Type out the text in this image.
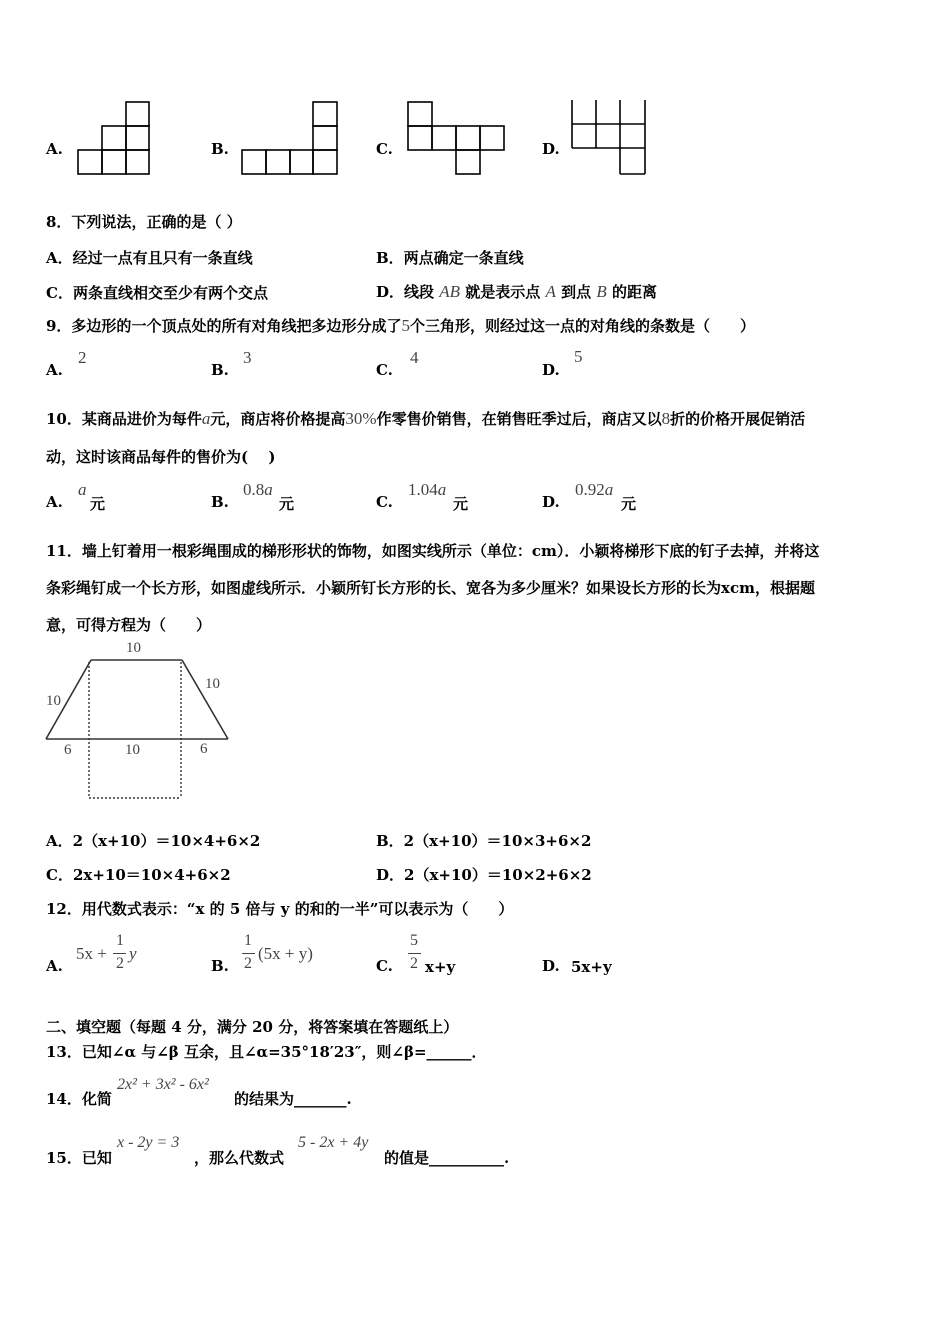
A.	B.	C.	D.
8．下列说法，正确的是（ ）
A．经过一点有且只有一条直线	B．两点确定一条直线
C．两条直线相交至少有两个交点	D．线段 AB 就是表示点 A 到点 B 的距离
9．多边形的一个顶点处的所有对角线把多边形分成了5个三角形，则经过这一点的对角线的条数是（　　）
A.
2
B.
3
C.
4
D.
5
10．某商品进价为每件a元，商店将价格提高30%作零售价销售，在销售旺季过后，商店又以8折的价格开展促销活
动，这时该商品每件的售价为(　 )
A.
a
元	B.
0.8a
元	C.
1.04a
元	D.
0.92a
元
11．墙上钉着用一根彩绳围成的梯形形状的饰物，如图实线所示（单位：cm）．小颖将梯形下底的钉子去掉，并将这
条彩绳钉成一个长方形，如图虚线所示．小颖所钉长方形的长、宽各为多少厘米？如果设长方形的长为xcm，根据题
意，可得方程为（　　）
10
10
10
6	10	6
A．2（x+10）＝10×4+6×2	B．2（x+10）＝10×3+6×2
C．2x+10＝10×4+6×2	D．2（x+10）＝10×2+6×2
12．用代数式表示：“x 的 5 倍与 y 的和的一半”可以表示为（　　）
A.
5x +
1
2
y
B.
1
2
(5x + y)
C.
5
2 x+y	D. 5x+y
二、填空题（每题 4 分，满分 20 分，将答案填在答题纸上）
13．已知∠α 与∠β 互余，且∠α=35°18′23″，则∠β=______．
14．化简
2x² + 3x² - 6x²
的结果为_______.
15．已知
x - 2y = 3
，那么代数式
5 - 2x + 4y
的值是__________.
